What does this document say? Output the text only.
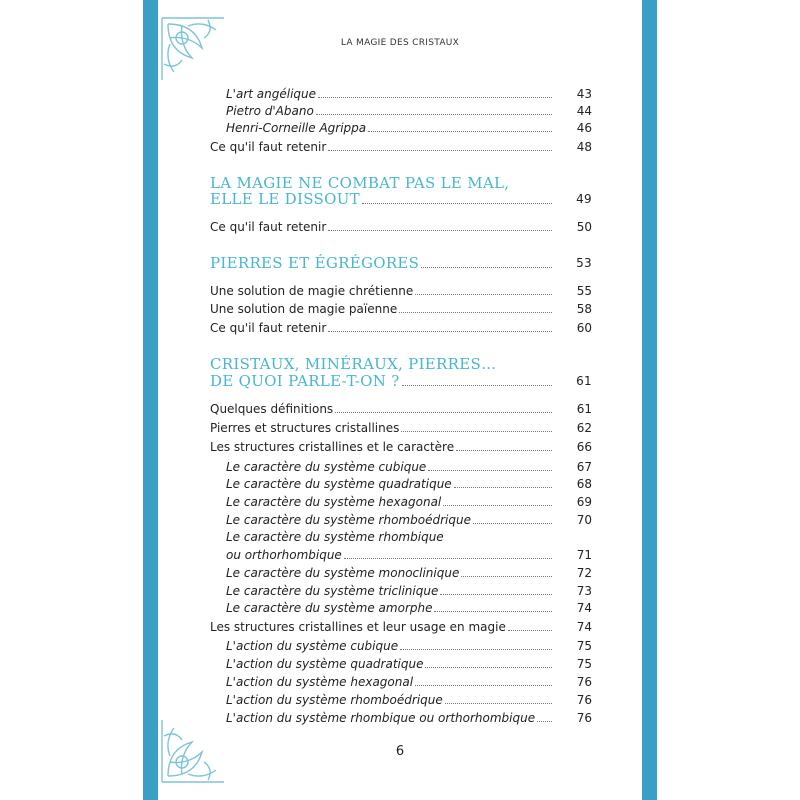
LA MAGIE DES CRISTAUX
L'art angélique	43
Pietro d'Abano	44
Henri-Corneille Agrippa	46
Ce qu'il faut retenir	48
LA MAGIE NE COMBAT PAS LE MAL,
ELLE LE DISSOUT	49
Ce qu'il faut retenir	50
PIERRES ET ÉGRÉGORES	53
Une solution de magie chrétienne	55
Une solution de magie païenne	58
Ce qu'il faut retenir	60
CRISTAUX, MINÉRAUX, PIERRES…
DE QUOI PARLE-T-ON ?	61
Quelques définitions	61
Pierres et structures cristallines	62
Les structures cristallines et le caractère	66
Le caractère du système cubique	67
Le caractère du système quadratique	68
Le caractère du système hexagonal	69
Le caractère du système rhomboédrique	70
Le caractère du système rhombique
ou orthorhombique	71
Le caractère du système monoclinique	72
Le caractère du système triclinique	73
Le caractère du système amorphe	74
Les structures cristallines et leur usage en magie	74
L'action du système cubique	75
L'action du système quadratique	75
L'action du système hexagonal	76
L'action du système rhomboédrique	76
L'action du système rhombique ou orthorhombique	76
6
